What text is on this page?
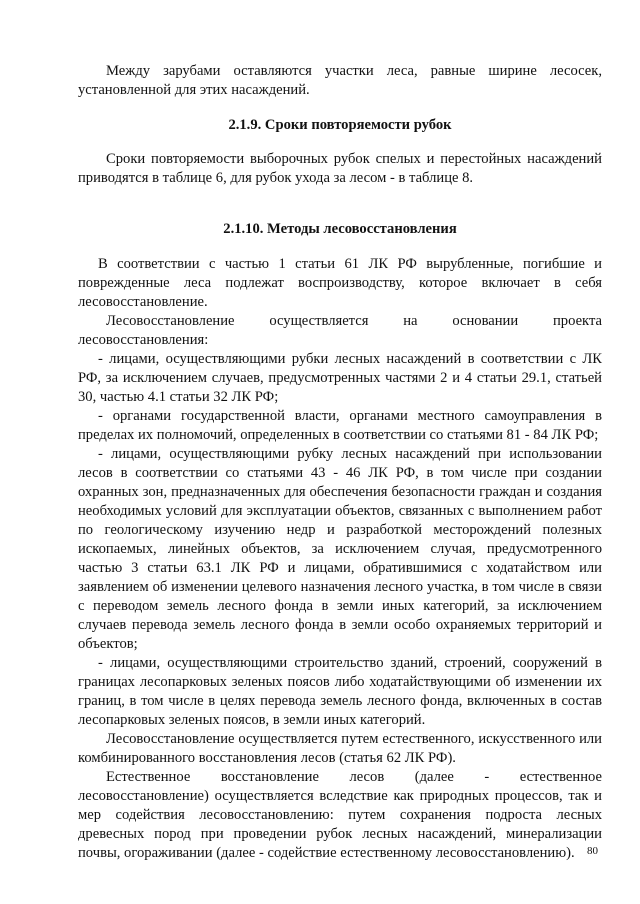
Между зарубами оставляются участки леса, равные ширине лесосек, установленной для этих насаждений.

2.1.9. Сроки повторяемости рубок

Сроки повторяемости выборочных рубок спелых и перестойных насаждений приводятся в таблице 6, для рубок ухода за лесом - в таблице 8.

2.1.10. Методы лесовосстановления

В соответствии с частью 1 статьи 61 ЛК РФ вырубленные, погибшие и поврежденные леса подлежат воспроизводству, которое включает в себя лесовосстановление.

Лесовосстановление осуществляется на основании проекта лесовосстановления:

- лицами, осуществляющими рубки лесных насаждений в соответствии с ЛК РФ, за исключением случаев, предусмотренных частями 2 и 4 статьи 29.1, статьей 30, частью 4.1 статьи 32 ЛК РФ;

- органами государственной власти, органами местного самоуправления в пределах их полномочий, определенных в соответствии со статьями 81 - 84 ЛК РФ;

- лицами, осуществляющими рубку лесных насаждений при использовании лесов в соответствии со статьями 43 - 46 ЛК РФ, в том числе при создании охранных зон, предназначенных для обеспечения безопасности граждан и создания необходимых условий для эксплуатации объектов, связанных с выполнением работ по геологическому изучению недр и разработкой месторождений полезных ископаемых, линейных объектов, за исключением случая, предусмотренного частью 3 статьи 63.1 ЛК РФ и лицами, обратившимися с ходатайством или заявлением об изменении целевого назначения лесного участка, в том числе в связи с переводом земель лесного фонда в земли иных категорий, за исключением случаев перевода земель лесного фонда в земли особо охраняемых территорий и объектов;

- лицами, осуществляющими строительство зданий, строений, сооружений в границах лесопарковых зеленых поясов либо ходатайствующими об изменении их границ, в том числе в целях перевода земель лесного фонда, включенных в состав лесопарковых зеленых поясов, в земли иных категорий.

Лесовосстановление осуществляется путем естественного, искусственного или комбинированного восстановления лесов (статья 62 ЛК РФ).

Естественное восстановление лесов (далее - естественное лесовосстановление) осуществляется вследствие как природных процессов, так и мер содействия лесовосстановлению: путем сохранения подроста лесных древесных пород при проведении рубок лесных насаждений, минерализации почвы, огораживании (далее - содействие естественному лесовосстановлению).	80
